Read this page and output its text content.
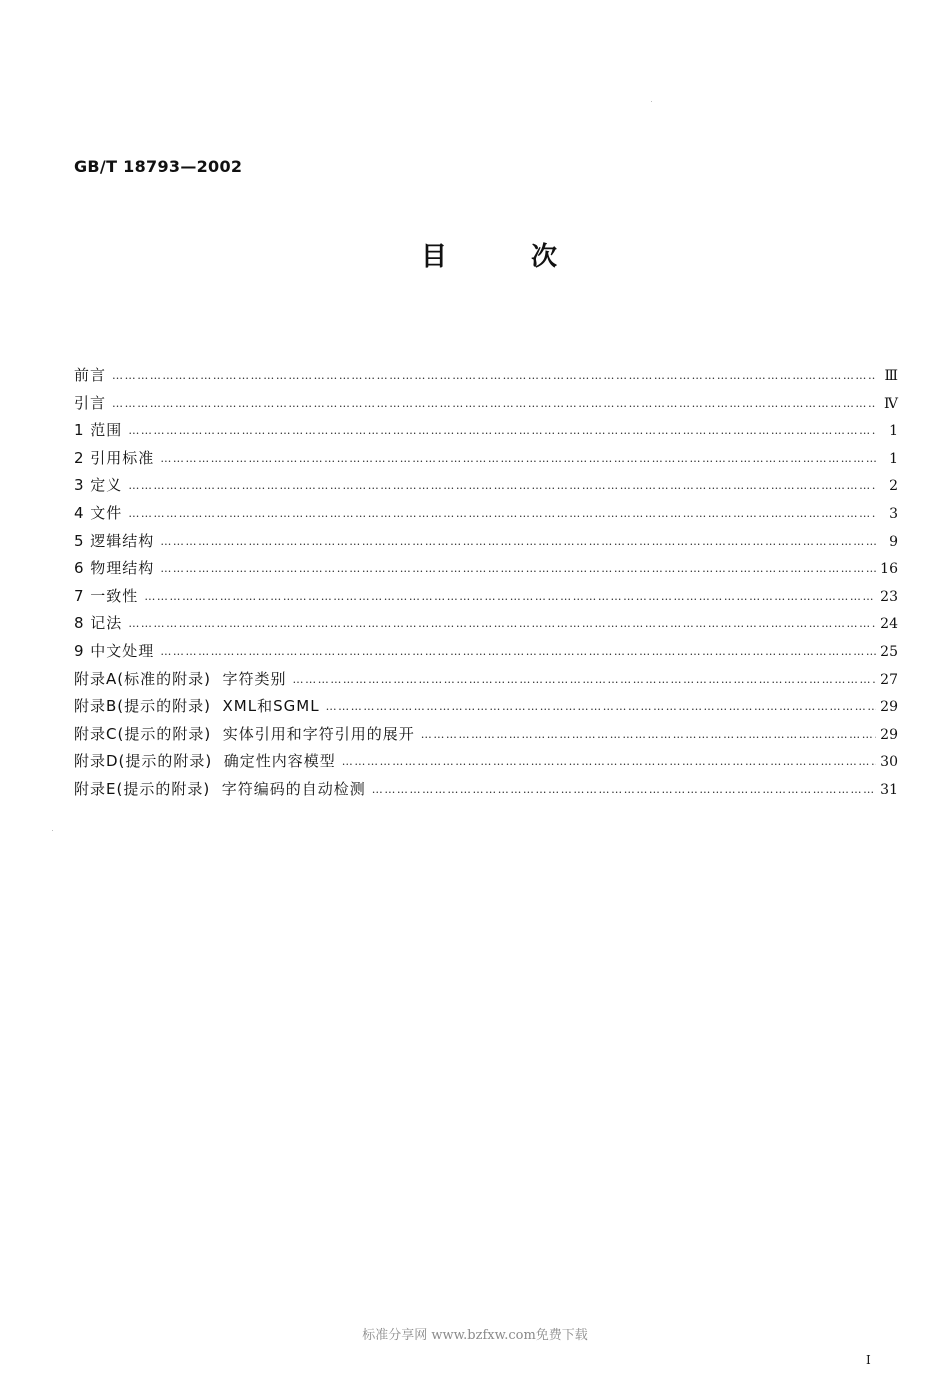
GB/T 18793—2002
目次
前言 …………………………………………………………………………………………………………………………………………………………………………………………………………………………………………………………………	Ⅲ
引言 …………………………………………………………………………………………………………………………………………………………………………………………………………………………………………………………………	Ⅳ
1 范围 …………………………………………………………………………………………………………………………………………………………………………………………………………………………………………………………………	1
2 引用标准 …………………………………………………………………………………………………………………………………………………………………………………………………………………………………………………………………	1
3 定义 …………………………………………………………………………………………………………………………………………………………………………………………………………………………………………………………………	2
4 文件 …………………………………………………………………………………………………………………………………………………………………………………………………………………………………………………………………	3
5 逻辑结构 …………………………………………………………………………………………………………………………………………………………………………………………………………………………………………………………………	9
6 物理结构 …………………………………………………………………………………………………………………………………………………………………………………………………………………………………………………………………	16
7 一致性 …………………………………………………………………………………………………………………………………………………………………………………………………………………………………………………………………	23
8 记法 …………………………………………………………………………………………………………………………………………………………………………………………………………………………………………………………………	24
9 中文处理 …………………………………………………………………………………………………………………………………………………………………………………………………………………………………………………………………	25
附录A(标准的附录)  字符类别 …………………………………………………………………………………………………………………………………………………………………………………………………………………………………………………………………	27
附录B(提示的附录)  XML和SGML …………………………………………………………………………………………………………………………………………………………………………………………………………………………………………………………………	29
附录C(提示的附录)  实体引用和字符引用的展开 …………………………………………………………………………………………………………………………………………………………………………………………………………………………………………………………………	29
附录D(提示的附录)  确定性内容模型 …………………………………………………………………………………………………………………………………………………………………………………………………………………………………………………………………	30
附录E(提示的附录)  字符编码的自动检测 …………………………………………………………………………………………………………………………………………………………………………………………………………………………………………………………………	31
标准分享网 www.bzfxw.com免费下载
I
